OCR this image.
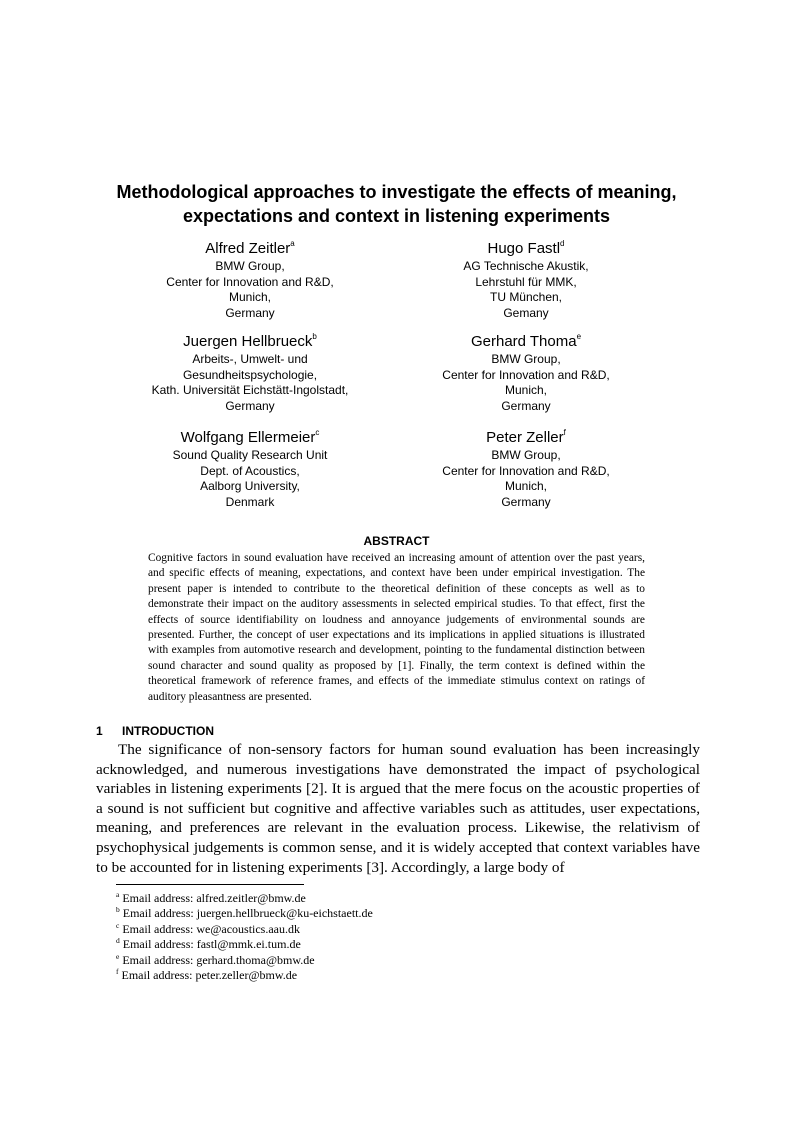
Methodological approaches to investigate the effects of meaning,
expectations and context in listening experiments
Alfred Zeitler$^a$
BMW Group,
Center for Innovation and R&D,
Munich,
Germany
Hugo Fastl$^d$
AG Technische Akustik,
Lehrstuhl für MMK,
TU München,
Gemany
Juergen Hellbrueck$^b$
Arbeits-, Umwelt- und
Gesundheitspsychologie,
Kath. Universität Eichstätt-Ingolstadt,
Germany
Gerhard Thoma$^e$
BMW Group,
Center for Innovation and R&D,
Munich,
Germany
Wolfgang Ellermeier$^c$
Sound Quality Research Unit
Dept. of Acoustics,
Aalborg University,
Denmark
Peter Zeller$^f$
BMW Group,
Center for Innovation and R&D,
Munich,
Germany
ABSTRACT
Cognitive factors in sound evaluation have received an increasing amount of attention over the past years, and specific effects of meaning, expectations, and context have been under empirical investigation. The present paper is intended to contribute to the theoretical definition of these concepts as well as to demonstrate their impact on the auditory assessments in selected empirical studies. To that effect, first the effects of source identifiability on loudness and annoyance judgements of environmental sounds are presented. Further, the concept of user expectations and its implications in applied situations is illustrated with examples from automotive research and development, pointing to the fundamental distinction between sound character and sound quality as proposed by [1]. Finally, the term context is defined within the theoretical framework of reference frames, and effects of the immediate stimulus context on ratings of auditory pleasantness are presented.
1 INTRODUCTION

The significance of non-sensory factors for human sound evaluation has been increasingly acknowledged, and numerous investigations have demonstrated the impact of psychological variables in listening experiments [2]. It is argued that the mere focus on the acoustic properties of a sound is not sufficient but cognitive and affective variables such as attitudes, user expectations, meaning, and preferences are relevant in the evaluation process. Likewise, the relativism of psychophysical judgements is common sense, and it is widely accepted that context variables have to be accounted for in listening experiments [3]. Accordingly, a large body of

$^a$ Email address: alfred.zeitler@bmw.de
$^b$ Email address: juergen.hellbrueck@ku-eichstaett.de
$^c$ Email address: we@acoustics.aau.dk
$^d$ Email address: fastl@mmk.ei.tum.de
$^e$ Email address: gerhard.thoma@bmw.de
$^f$ Email address: peter.zeller@bmw.de
